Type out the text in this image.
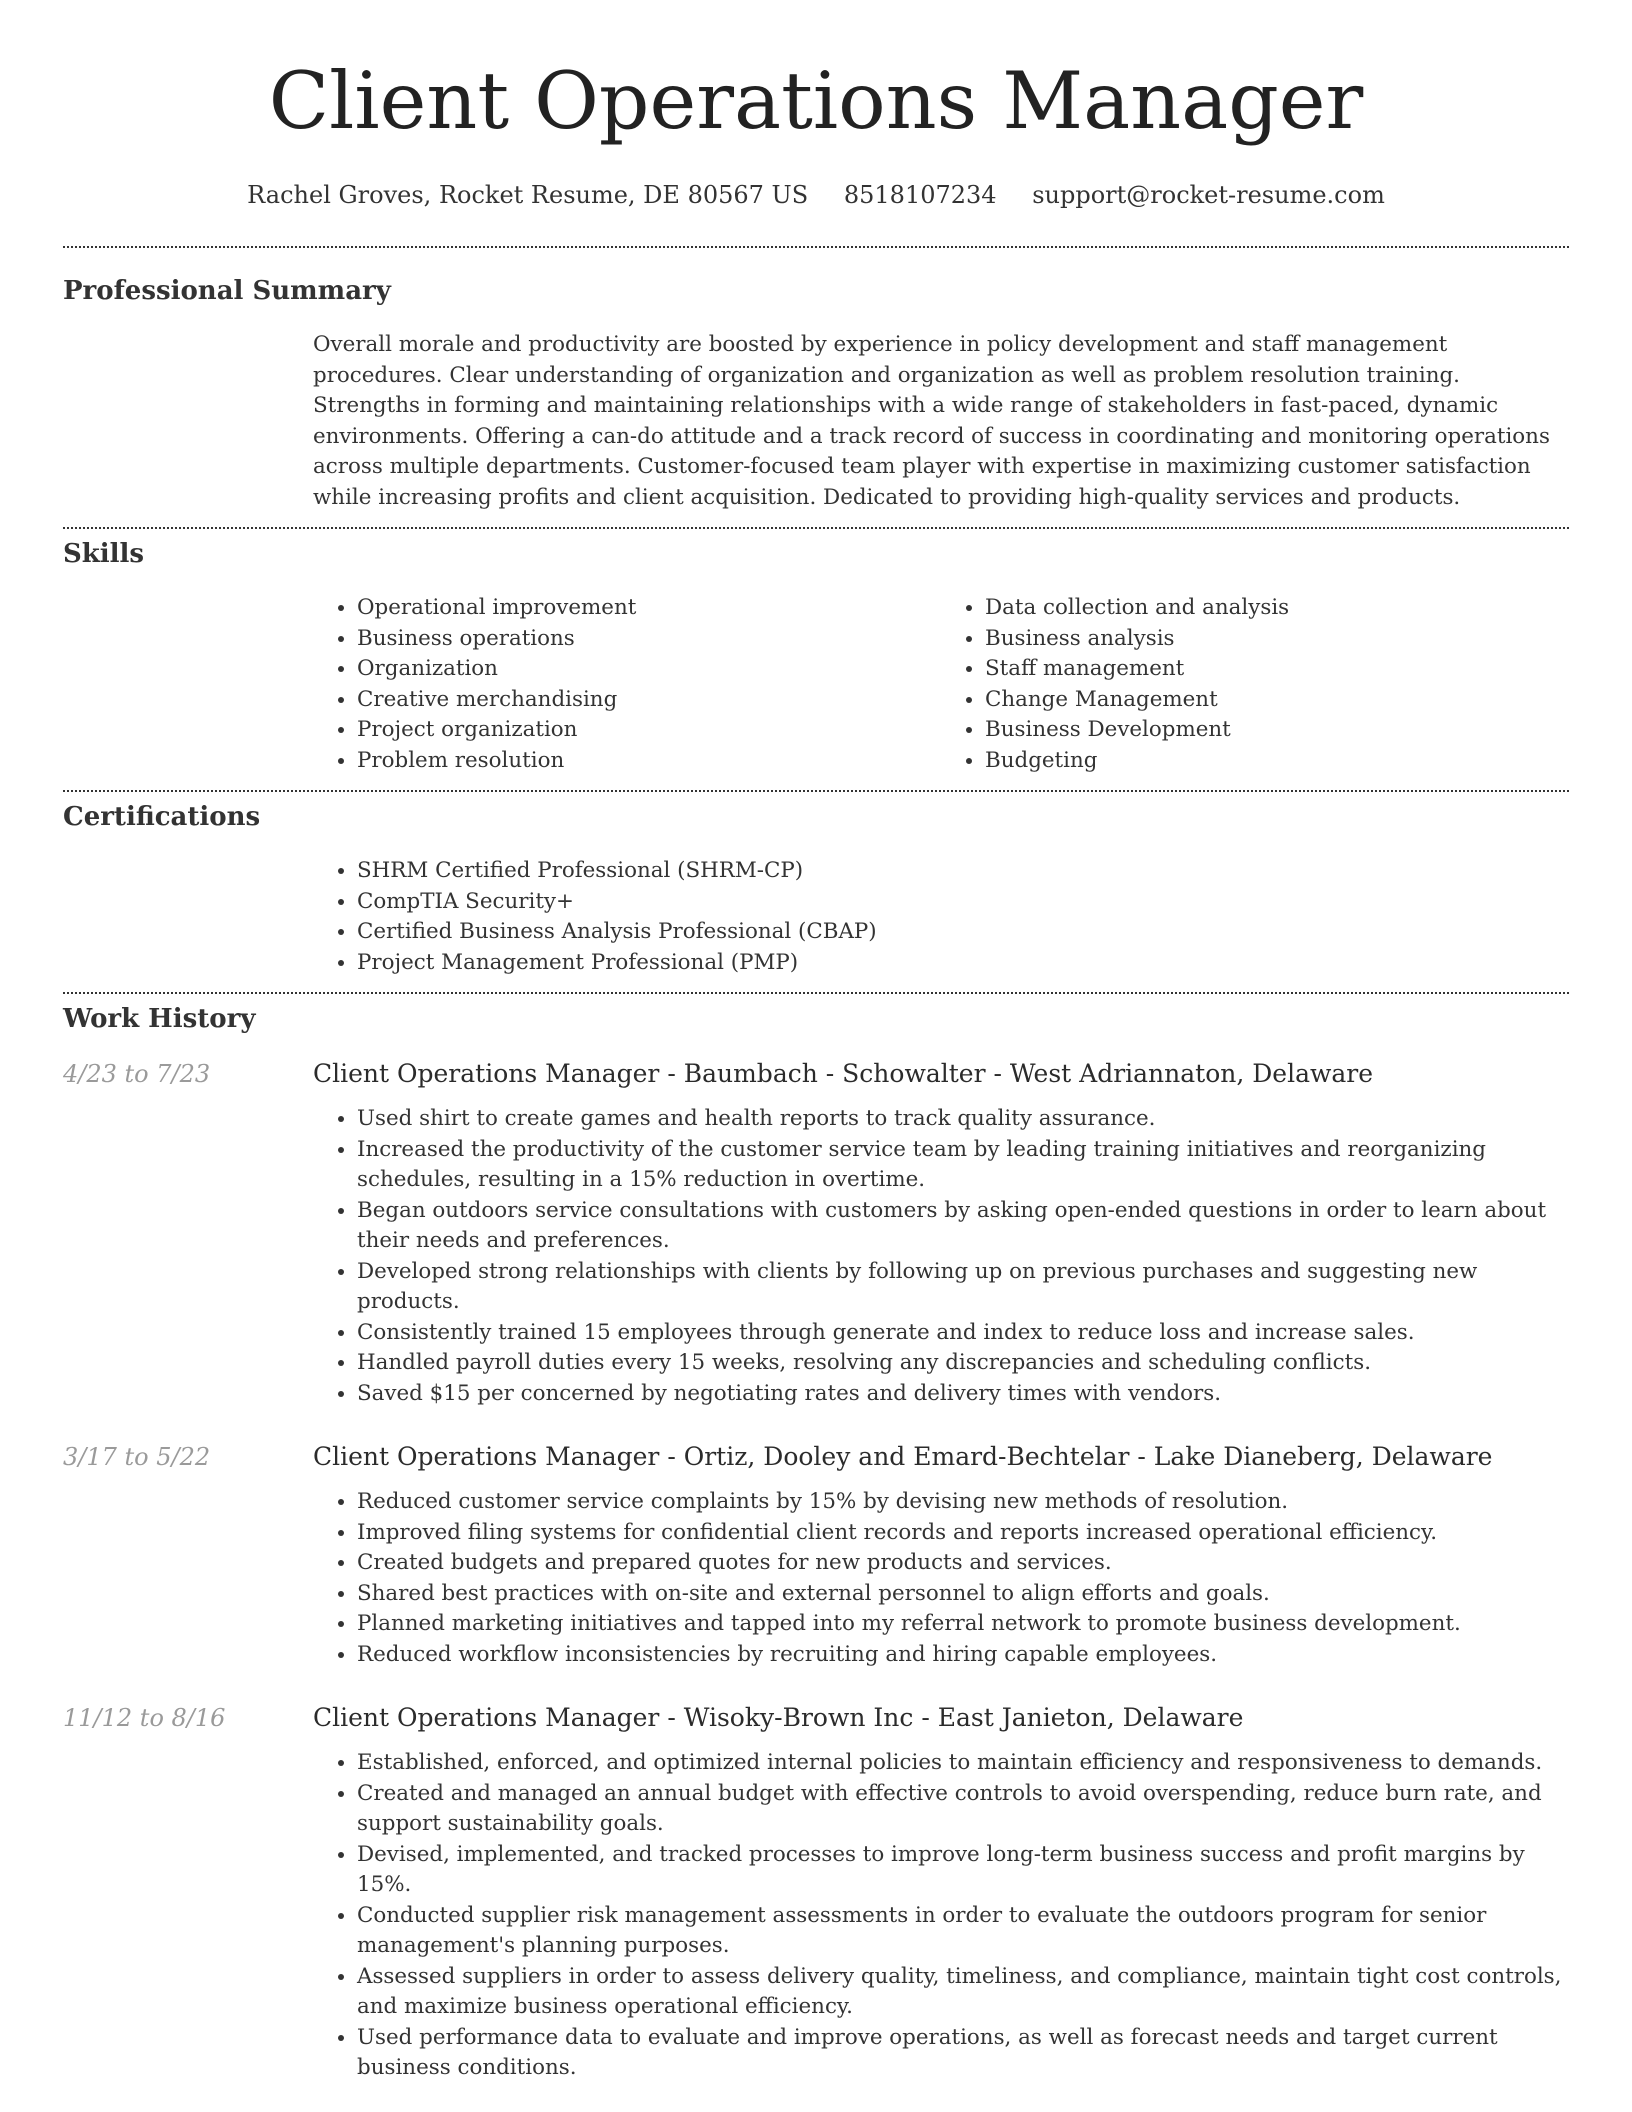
Client Operations Manager
Rachel Groves, Rocket Resume, DE 80567 US 8518107234 support@rocket-resume.com
Professional Summary

Overall morale and productivity are boosted by experience in policy development and staff management procedures. Clear understanding of organization and organization as well as problem resolution training. Strengths in forming and maintaining relationships with a wide range of stakeholders in fast-paced, dynamic environments. Offering a can-do attitude and a track record of success in coordinating and monitoring operations across multiple departments. Customer-focused team player with expertise in maximizing customer satisfaction while increasing profits and client acquisition. Dedicated to providing high-quality services and products.

Skills
• Operational improvement
• Business operations
• Organization
• Creative merchandising
• Project organization
• Problem resolution
• Data collection and analysis
• Business analysis
• Staff management
• Change Management
• Business Development
• Budgeting
Certifications
• SHRM Certified Professional (SHRM-CP)
• CompTIA Security+
• Certified Business Analysis Professional (CBAP)
• Project Management Professional (PMP)
Work History
4/23 to 7/23	Client Operations Manager - Baumbach - Schowalter - West Adriannaton, Delaware
• Used shirt to create games and health reports to track quality assurance.
• Increased the productivity of the customer service team by leading training initiatives and reorganizing schedules, resulting in a 15% reduction in overtime.
• Began outdoors service consultations with customers by asking open-ended questions in order to learn about their needs and preferences.
• Developed strong relationships with clients by following up on previous purchases and suggesting new products.
• Consistently trained 15 employees through generate and index to reduce loss and increase sales.
• Handled payroll duties every 15 weeks, resolving any discrepancies and scheduling conflicts.
• Saved $15 per concerned by negotiating rates and delivery times with vendors.
3/17 to 5/22	Client Operations Manager - Ortiz, Dooley and Emard-Bechtelar - Lake Dianeberg, Delaware
• Reduced customer service complaints by 15% by devising new methods of resolution.
• Improved filing systems for confidential client records and reports increased operational efficiency.
• Created budgets and prepared quotes for new products and services.
• Shared best practices with on-site and external personnel to align efforts and goals.
• Planned marketing initiatives and tapped into my referral network to promote business development.
• Reduced workflow inconsistencies by recruiting and hiring capable employees.
11/12 to 8/16	Client Operations Manager - Wisoky-Brown Inc - East Janieton, Delaware
• Established, enforced, and optimized internal policies to maintain efficiency and responsiveness to demands.
• Created and managed an annual budget with effective controls to avoid overspending, reduce burn rate, and support sustainability goals.
• Devised, implemented, and tracked processes to improve long-term business success and profit margins by 15%.
• Conducted supplier risk management assessments in order to evaluate the outdoors program for senior management's planning purposes.
• Assessed suppliers in order to assess delivery quality, timeliness, and compliance, maintain tight cost controls, and maximize business operational efficiency.
• Used performance data to evaluate and improve operations, as well as forecast needs and target current business conditions.
